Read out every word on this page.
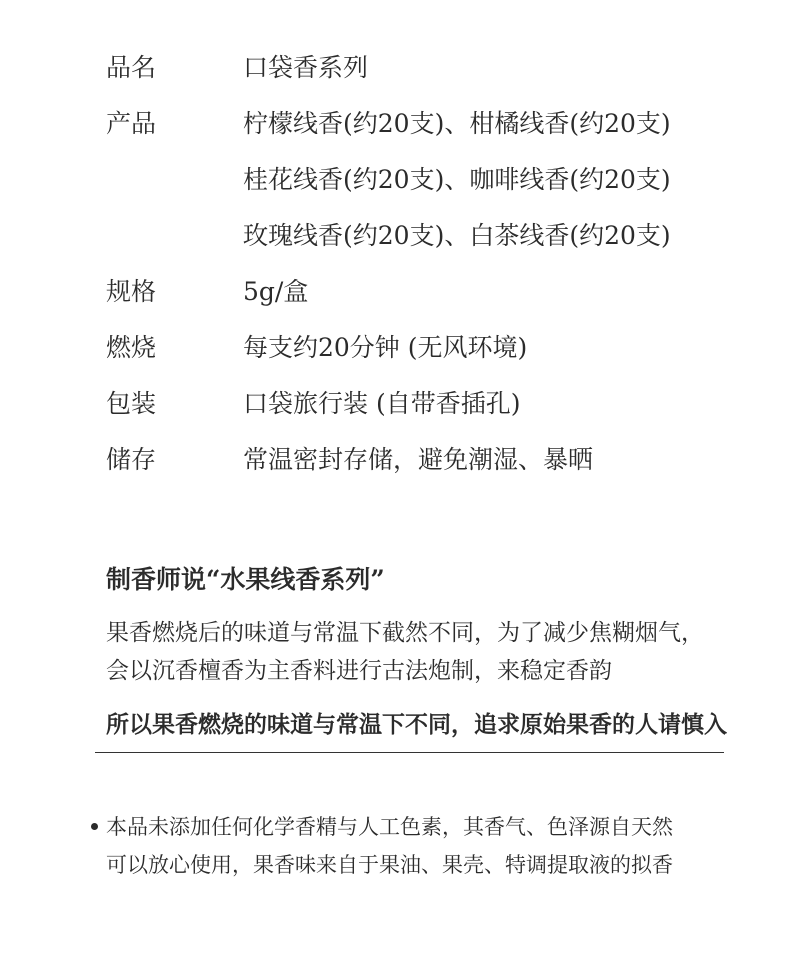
品名	口袋香系列
产品	柠檬线香(约20支)、柑橘线香(约20支)
桂花线香(约20支)、咖啡线香(约20支)
玫瑰线香(约20支)、白茶线香(约20支)
规格	5g/盒
燃烧	每支约20分钟 (无风环境)
包装	口袋旅行装 (自带香插孔)
储存	常温密封存储，避免潮湿、暴晒
制香师说“水果线香系列”
果香燃烧后的味道与常温下截然不同，为了减少焦糊烟气，
会以沉香檀香为主香料进行古法炮制，来稳定香韵
所以果香燃烧的味道与常温下不同，追求原始果香的人请慎入
本品未添加任何化学香精与人工色素，其香气、色泽源自天然
可以放心使用，果香味来自于果油、果壳、特调提取液的拟香
